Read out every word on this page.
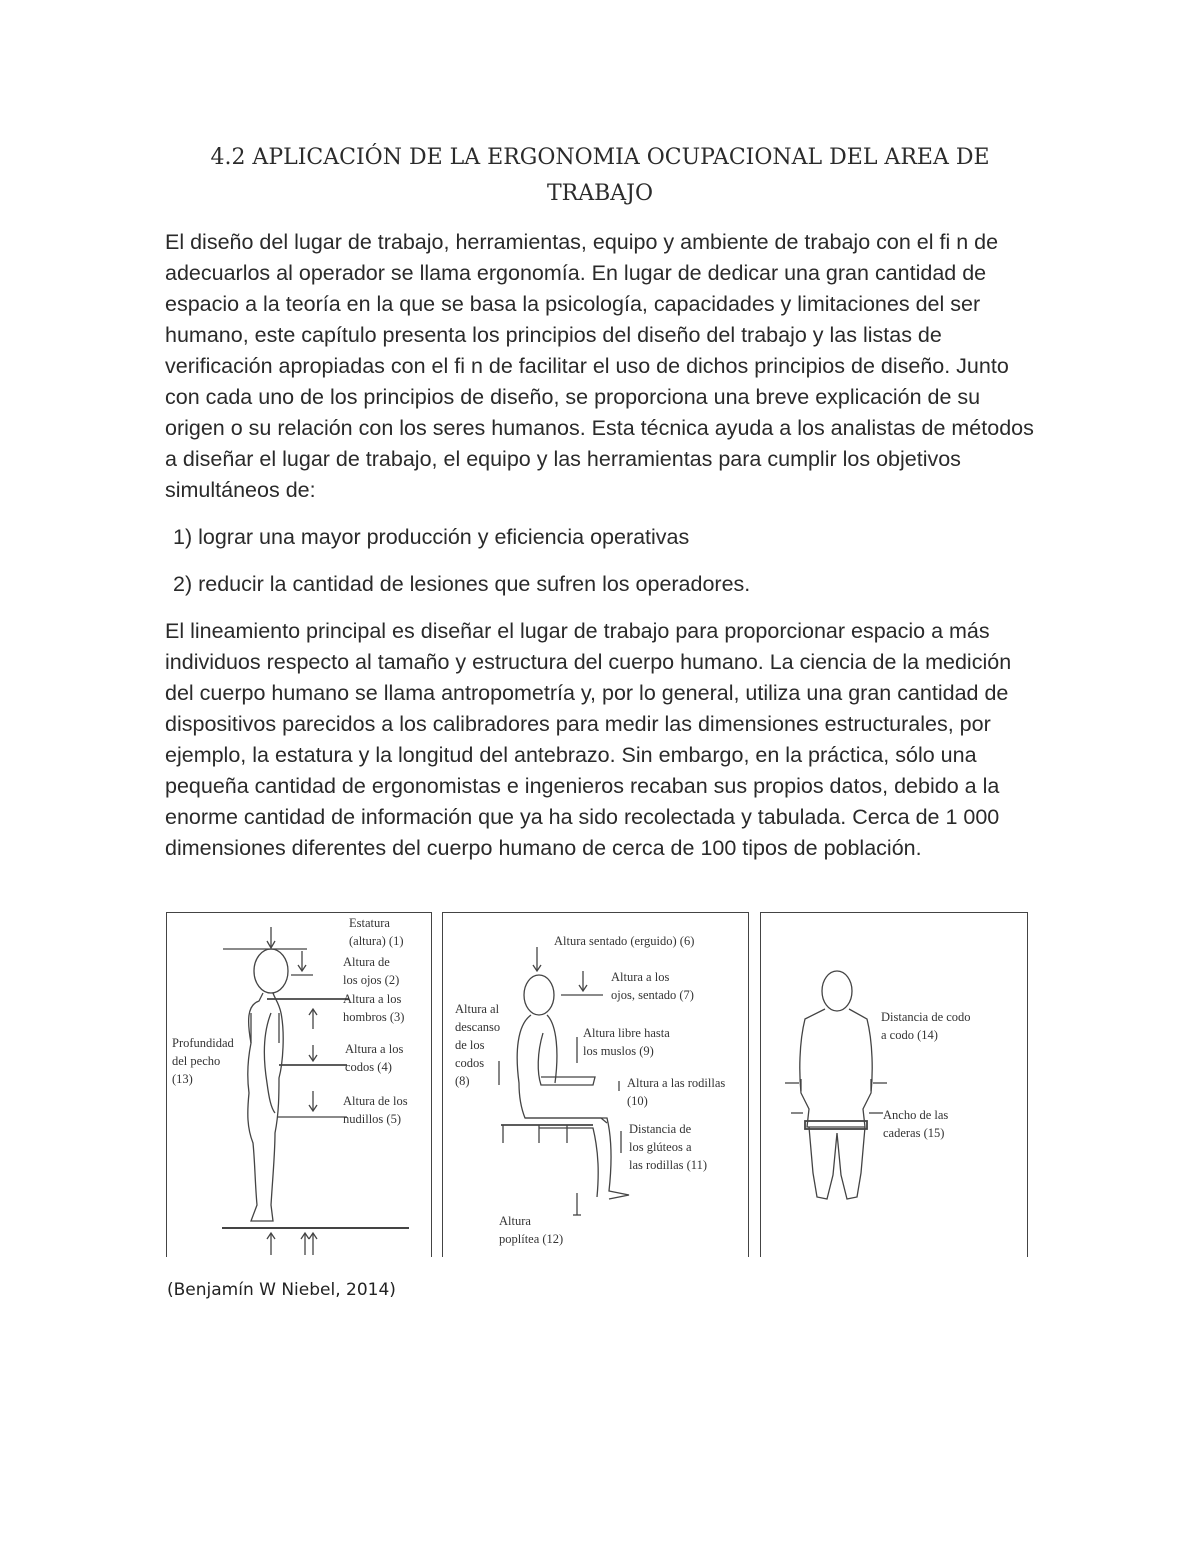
4.2 APLICACIÓN DE LA ERGONOMIA OCUPACIONAL DEL AREA DE
TRABAJO

El diseño del lugar de trabajo, herramientas, equipo y ambiente de trabajo con el fi n de adecuarlos al operador se llama ergonomía. En lugar de dedicar una gran cantidad de espacio a la teoría en la que se basa la psicología, capacidades y limitaciones del ser humano, este capítulo presenta los principios del diseño del trabajo y las listas de verificación apropiadas con el fi n de facilitar el uso de dichos principios de diseño. Junto con cada uno de los principios de diseño, se proporciona una breve explicación de su origen o su relación con los seres humanos. Esta técnica ayuda a los analistas de métodos a diseñar el lugar de trabajo, el equipo y las herramientas para cumplir los objetivos simultáneos de:

1) lograr una mayor producción y eficiencia operativas

2) reducir la cantidad de lesiones que sufren los operadores.

El lineamiento principal es diseñar el lugar de trabajo para proporcionar espacio a más individuos respecto al tamaño y estructura del cuerpo humano. La ciencia de la medición del cuerpo humano se llama antropometría y, por lo general, utiliza una gran cantidad de dispositivos parecidos a los calibradores para medir las dimensiones estructurales, por ejemplo, la estatura y la longitud del antebrazo. Sin embargo, en la práctica, sólo una pequeña cantidad de ergonomistas e ingenieros recaban sus propios datos, debido a la enorme cantidad de información que ya ha sido recolectada y tabulada. Cerca de 1 000 dimensiones diferentes del cuerpo humano de cerca de 100 tipos de población.

Estatura
(altura) (1)
Altura de
los ojos (2)
Altura a los
hombros (3)
Altura a los
codos (4)
Altura de los
nudillos (5)
Profundidad
del pecho
(13)
Altura sentado (erguido) (6)
Altura a los
ojos, sentado (7)
Altura al
descanso
de los
codos
(8)
Altura libre hasta
los muslos (9)
Altura a las rodillas
(10)
Distancia de
los glúteos a
las rodillas (11)
Altura
poplítea (12)
Distancia de codo
a codo (14)
Ancho de las
caderas (15)
(Benjamín W Niebel, 2014)
